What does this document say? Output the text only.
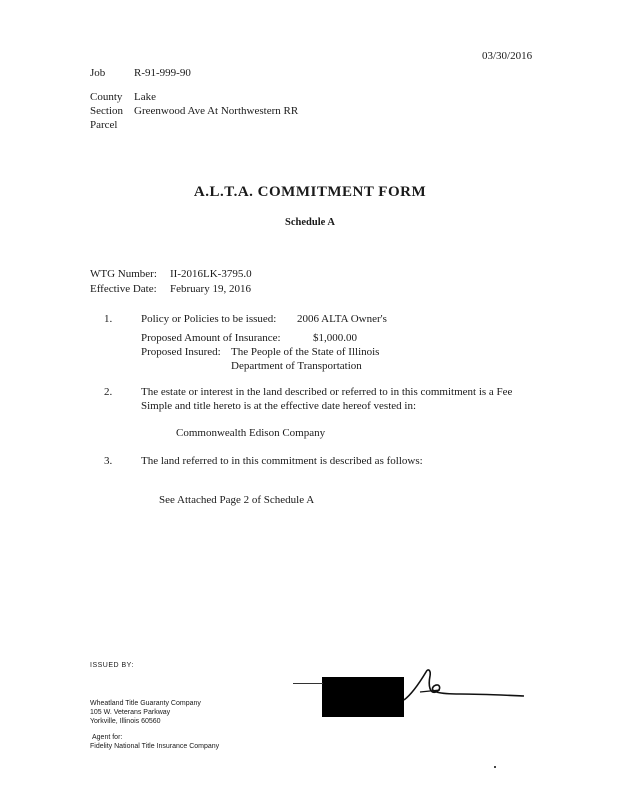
03/30/2016
Job	R-91-999-90
County Lake
Section Greenwood Ave At Northwestern RR
Parcel
A.L.T.A. COMMITMENT FORM
Schedule A
WTG Number: II-2016LK-3795.0
Effective Date: February 19, 2016
1.	Policy or Policies to be issued: 2006 ALTA Owner's
Proposed Amount of Insurance:	$1,000.00
Proposed Insured: The People of the State of Illinois
Department of Transportation
2.	The estate or interest in the land described or referred to in this commitment is a Fee
Simple and title hereto is at the effective date hereof vested in:
Commonwealth Edison Company
3.	The land referred to in this commitment is described as follows:
See Attached Page 2 of Schedule A
ISSUED BY:
Wheatland Title Guaranty Company
105 W. Veterans Parkway
Yorkville, Illinois 60560
Agent for:
Fidelity National Title Insurance Company
